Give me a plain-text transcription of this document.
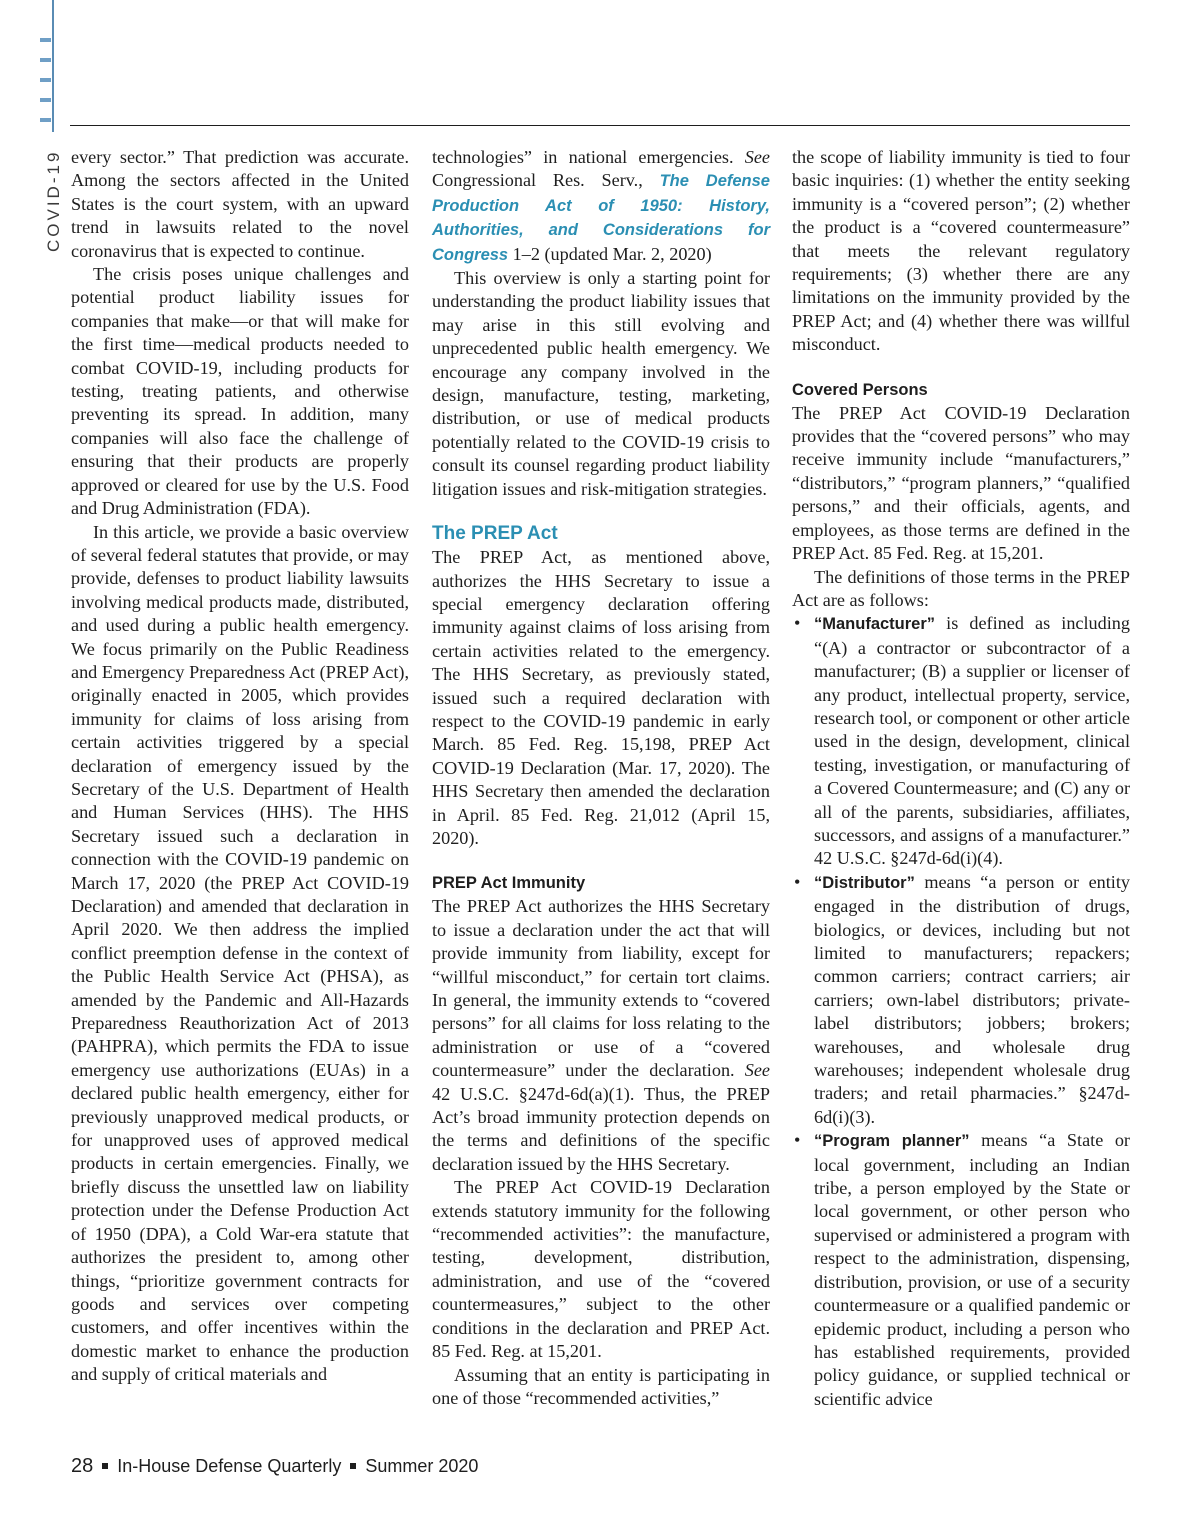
COVID-19 every sector.” That prediction was accurate. Among the sectors affected in the United States is the court system, with an upward trend in lawsuits related to the novel coronavirus that is expected to continue.

The crisis poses unique challenges and potential product liability issues for companies that make—or that will make for the first time—medical products needed to combat COVID-19, including products for testing, treating patients, and otherwise preventing its spread. In addition, many companies will also face the challenge of ensuring that their products are properly approved or cleared for use by the U.S. Food and Drug Administration (FDA).

In this article, we provide a basic overview of several federal statutes that provide, or may provide, defenses to product liability lawsuits involving medical products made, distributed, and used during a public health emergency. We focus primarily on the Public Readiness and Emergency Preparedness Act (PREP Act), originally enacted in 2005, which provides immunity for claims of loss arising from certain activities triggered by a special declaration of emergency issued by the Secretary of the U.S. Department of Health and Human Services (HHS). The HHS Secretary issued such a declaration in connection with the COVID-19 pandemic on March 17, 2020 (the PREP Act COVID-19 Declaration) and amended that declaration in April 2020. We then address the implied conflict preemption defense in the context of the Public Health Service Act (PHSA), as amended by the Pandemic and All-Hazards Preparedness Reauthorization Act of 2013 (PAHPRA), which permits the FDA to issue emergency use authorizations (EUAs) in a declared public health emergency, either for previously unapproved medical products, or for unapproved uses of approved medical products in certain emergencies. Finally, we briefly discuss the unsettled law on liability protection under the Defense Production Act of 1950 (DPA), a Cold War-era statute that authorizes the president to, among other things, “prioritize government contracts for goods and services over competing customers, and offer incentives within the domestic market to enhance the production and supply of critical materials and

technologies” in national emergencies. See Congressional Res. Serv., The Defense Production Act of 1950: History, Authorities, and Considerations for Congress 1–2 (updated Mar. 2, 2020)

This overview is only a starting point for understanding the product liability issues that may arise in this still evolving and unprecedented public health emergency. We encourage any company involved in the design, manufacture, testing, marketing, distribution, or use of medical products potentially related to the COVID-19 crisis to consult its counsel regarding product liability litigation issues and risk-mitigation strategies.

The PREP Act

The PREP Act, as mentioned above, authorizes the HHS Secretary to issue a special emergency declaration offering immunity against claims of loss arising from certain activities related to the emergency. The HHS Secretary, as previously stated, issued such a required declaration with respect to the COVID-19 pandemic in early March. 85 Fed. Reg. 15,198, PREP Act COVID-19 Declaration (Mar. 17, 2020). The HHS Secretary then amended the declaration in April. 85 Fed. Reg. 21,012 (April 15, 2020).

PREP Act Immunity

The PREP Act authorizes the HHS Secretary to issue a declaration under the act that will provide immunity from liability, except for “willful misconduct,” for certain tort claims. In general, the immunity extends to “covered persons” for all claims for loss relating to the administration or use of a “covered countermeasure” under the declaration. See 42 U.S.C. §247d-6d(a)(1). Thus, the PREP Act’s broad immunity protection depends on the terms and definitions of the specific declaration issued by the HHS Secretary.

The PREP Act COVID-19 Declaration extends statutory immunity for the following “recommended activities”: the manufacture, testing, development, distribution, administration, and use of the “covered countermeasures,” subject to the other conditions in the declaration and PREP Act. 85 Fed. Reg. at 15,201.

Assuming that an entity is participating in one of those “recommended activities,”

the scope of liability immunity is tied to four basic inquiries: (1) whether the entity seeking immunity is a “covered person”; (2) whether the product is a “covered countermeasure” that meets the relevant regulatory requirements; (3) whether there are any limitations on the immunity provided by the PREP Act; and (4) whether there was willful misconduct.

Covered Persons

The PREP Act COVID-19 Declaration provides that the “covered persons” who may receive immunity include “manufacturers,” “distributors,” “program planners,” “qualified persons,” and their officials, agents, and employees, as those terms are defined in the PREP Act. 85 Fed. Reg. at 15,201.

The definitions of those terms in the PREP Act are as follows:

• “Manufacturer” is defined as including “(A) a contractor or subcontractor of a manufacturer; (B) a supplier or licenser of any product, intellectual property, service, research tool, or component or other article used in the design, development, clinical testing, investigation, or manufacturing of a Covered Countermeasure; and (C) any or all of the parents, subsidiaries, affiliates, successors, and assigns of a manufacturer.” 42 U.S.C. §247d-6d(i)(4).
• “Distributor” means “a person or entity engaged in the distribution of drugs, biologics, or devices, including but not limited to manufacturers; repackers; common carriers; contract carriers; air carriers; own-label distributors; private-label distributors; jobbers; brokers; warehouses, and wholesale drug warehouses; independent wholesale drug traders; and retail pharmacies.” §247d-6d(i)(3).
• “Program planner” means “a State or local government, including an Indian tribe, a person employed by the State or local government, or other person who supervised or administered a program with respect to the administration, dispensing, distribution, provision, or use of a security countermeasure or a qualified pandemic or epidemic product, including a person who has established requirements, provided policy guidance, or supplied technical or scientific advice
28 In-House Defense Quarterly Summer 2020
